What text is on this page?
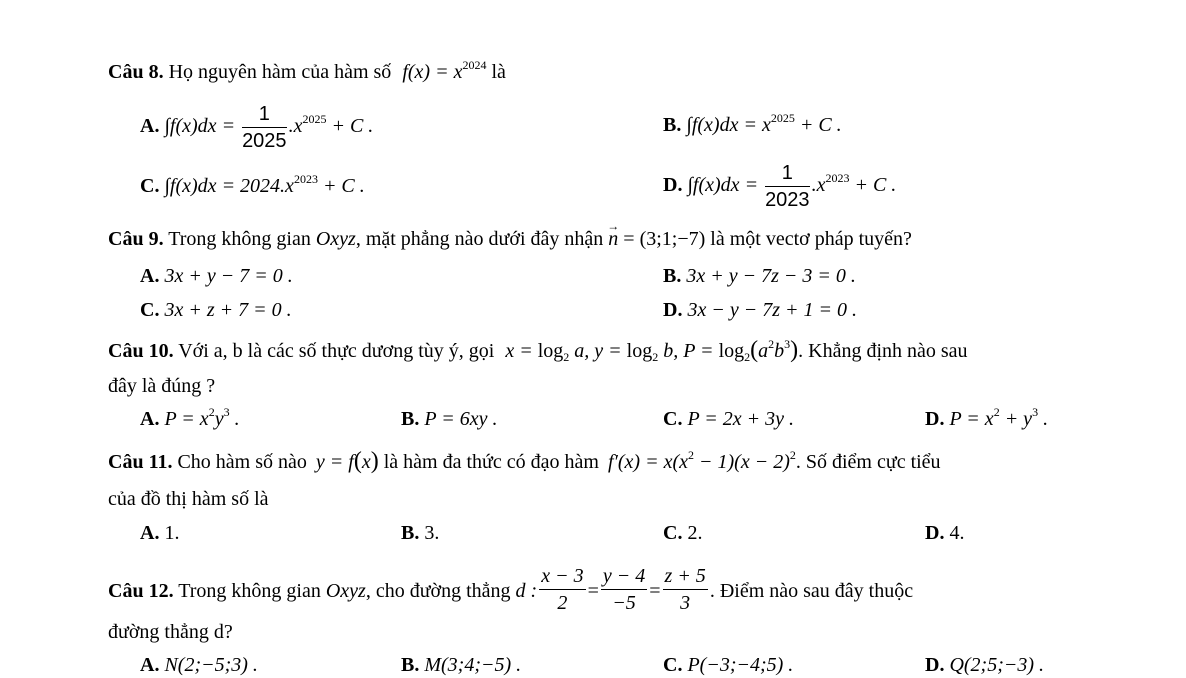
Câu 8. Họ nguyên hàm của hàm số $f(x) = x^{2024}$ là
A. $\int f(x)dx = \frac{1}{2025} .x^{2025} + C$ .	B. $\int f(x)dx = x^{2025} + C$ .
C. $\int f(x)dx = 2024.x^{2023} + C$ .	D. $\int f(x)dx = \frac{1}{2023} .x^{2023} + C$ .
Câu 9. Trong không gian Oxyz, mặt phẳng nào dưới đây nhận → n = (3;1;−7) là một vectơ pháp tuyến?
A. 3x + y − 7 = 0 .	B. 3x + y − 7z − 3 = 0 .
C. 3x + z + 7 = 0 .	D. 3x − y − 7z + 1 = 0 .
Câu 10. Với a, b là các số thực dương tùy ý, gọi $x = \log_2 a$, $y = \log_2 b$, $P = \log_2(a^2b^3)$. Khẳng định nào sau
đây là đúng ?
A. $P = x^2y^3$ .	B. P = 6xy .	C. P = 2x + 3y .	D. $P = x^2 + y^3$ .
Câu 11. Cho hàm số nào y = f(x) là hàm đa thức có đạo hàm $f'(x) = x(x^2 - 1)(x - 2)^2$. Số điểm cực tiểu
của đồ thị hàm số là
A. 1.	B. 3.	C. 2.	D. 4.
Câu 12. Trong không gian Oxyz, cho đường thẳng d : $\frac{x - 3}{2} = \frac{y - 4}{-5} = \frac{z + 5}{3}$ . Điểm nào sau đây thuộc
đường thẳng d?
A. N(2;−5;3) .	B. M(3;4;−5) .	C. P(−3;−4;5) .	D. Q(2;5;−3) .
